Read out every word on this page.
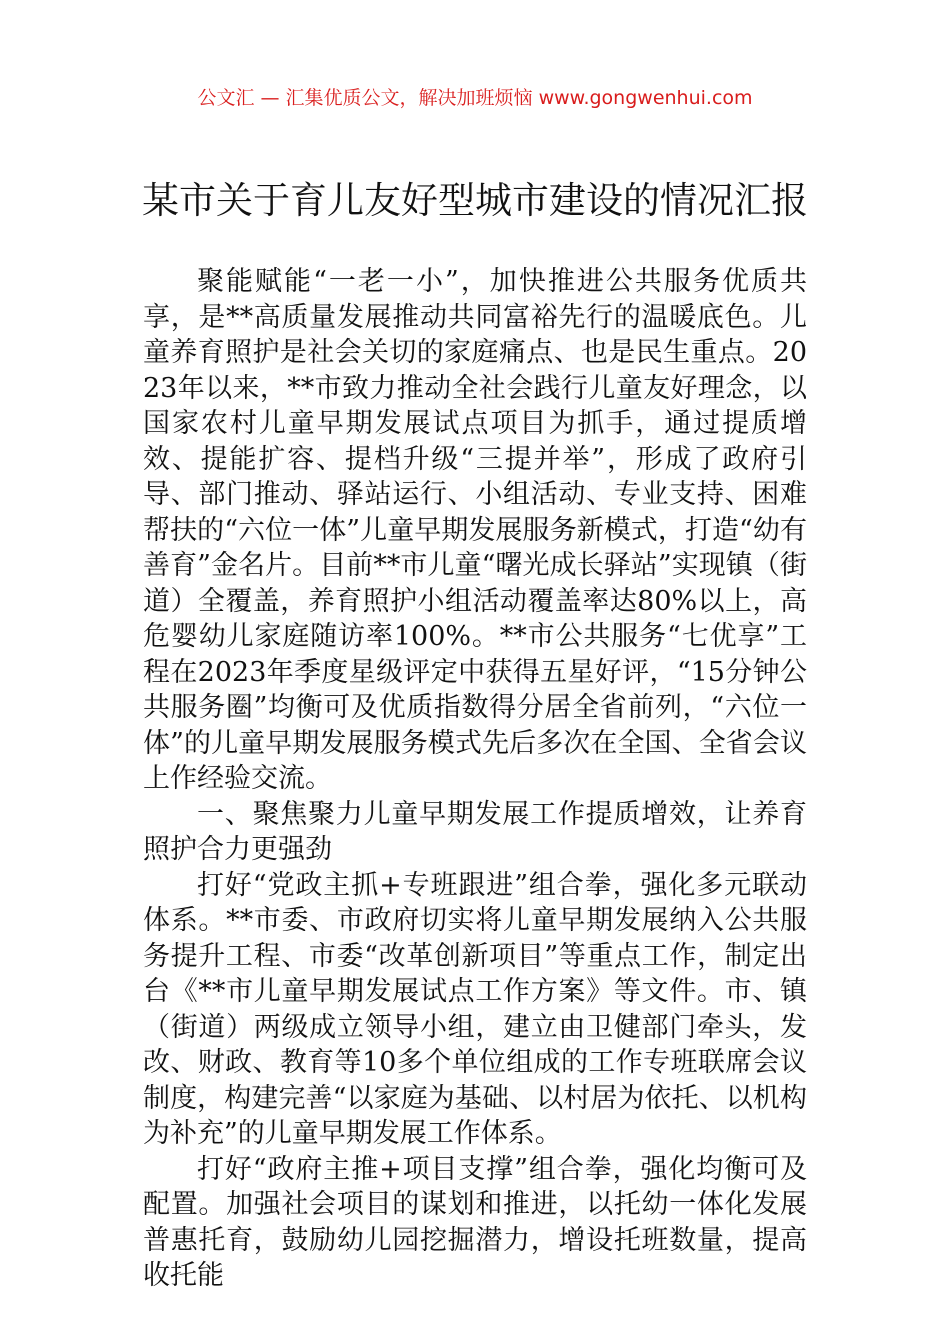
公文汇 — 汇集优质公文，解决加班烦恼 www.gongwenhui.com
某市关于育儿友好型城市建设的情况汇报

聚能赋能“一老一小”，加快推进公共服务优质共享，是**高质量发展推动共同富裕先行的温暖底色。儿童养育照护是社会关切的家庭痛点、也是民生重点。2023年以来，**市致力推动全社会践行儿童友好理念，以国家农村儿童早期发展试点项目为抓手，通过提质增效、提能扩容、提档升级“三提并举”，形成了政府引导、部门推动、驿站运行、小组活动、专业支持、困难帮扶的“六位一体”儿童早期发展服务新模式，打造“幼有善育”金名片。目前**市儿童“曙光成长驿站”实现镇（街道）全覆盖，养育照护小组活动覆盖率达80%以上，高危婴幼儿家庭随访率100%。**市公共服务“七优享”工程在2023年季度星级评定中获得五星好评，“15分钟公共服务圈”均衡可及优质指数得分居全省前列，“六位一体”的儿童早期发展服务模式先后多次在全国、全省会议上作经验交流。

一、聚焦聚力儿童早期发展工作提质增效，让养育照护合力更强劲

打好“党政主抓+专班跟进”组合拳，强化多元联动体系。**市委、市政府切实将儿童早期发展纳入公共服务提升工程、市委“改革创新项目”等重点工作，制定出台《**市儿童早期发展试点工作方案》等文件。市、镇（街道）两级成立领导小组，建立由卫健部门牵头，发改、财政、教育等10多个单位组成的工作专班联席会议制度，构建完善“以家庭为基础、以村居为依托、以机构为补充”的儿童早期发展工作体系。

打好“政府主推+项目支撑”组合拳，强化均衡可及配置。加强社会项目的谋划和推进，以托幼一体化发展普惠托育，鼓励幼儿园挖掘潜力，增设托班数量，提高收托能
